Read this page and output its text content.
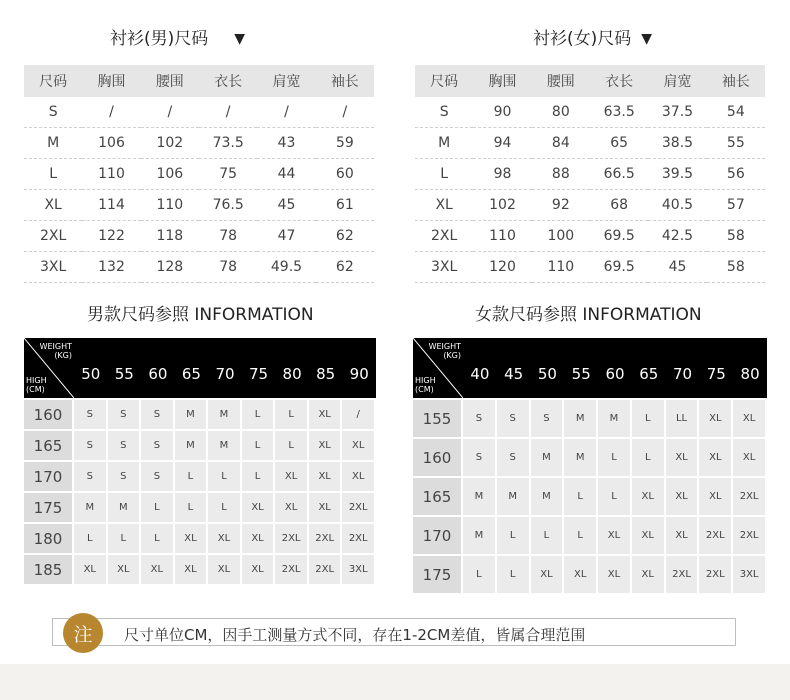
衬衫(男)尺码 ▼
尺码	胸围	腰围	衣长	肩宽	袖长
S	/	/	/	/	/
M	106	102	73.5	43	59
L	110	106	75	44	60
XL	114	110	76.5	45	61
2XL	122	118	78	47	62
3XL	132	128	78	49.5	62
衬衫(女)尺码 ▼
尺码	胸围	腰围	衣长	肩宽	袖长
S	90	80	63.5	37.5	54
M	94	84	65	38.5	55
L	98	88	66.5	39.5	56
XL	102	92	68	40.5	57
2XL	110	100	69.5	42.5	58
3XL	120	110	69.5	45	58
男款尺码参照 INFORMATION	女款尺码参照 INFORMATION
WEIGHT
(KG)
HIGH
(CM)
50 55 60 65 70 75 80 85 90
160	S	S	S	M	M	L	L	XL	/
165	S	S	S	M	M	L	L	XL	XL
170	S	S	S	L	L	L	XL	XL	XL
175	M	M	L	L	L	XL	XL	XL	2XL
180	L	L	L	XL	XL	XL	2XL	2XL	2XL
185	XL	XL	XL	XL	XL	XL	2XL	2XL	3XL
WEIGHT
(KG)
HIGH
(CM)
40 45 50 55 60 65 70 75 80
155	S	S	S	M	M	L	LL	XL	XL
160	S	S	M	M	L	L	XL	XL	XL
165	M	M	M	L	L	XL	XL	XL	2XL
170	M	L	L	L	XL	XL	XL	2XL	2XL
175	L	L	XL	XL	XL	XL	2XL	2XL	3XL
注	尺寸单位CM，因手工测量方式不同，存在1-2CM差值，皆属合理范围
